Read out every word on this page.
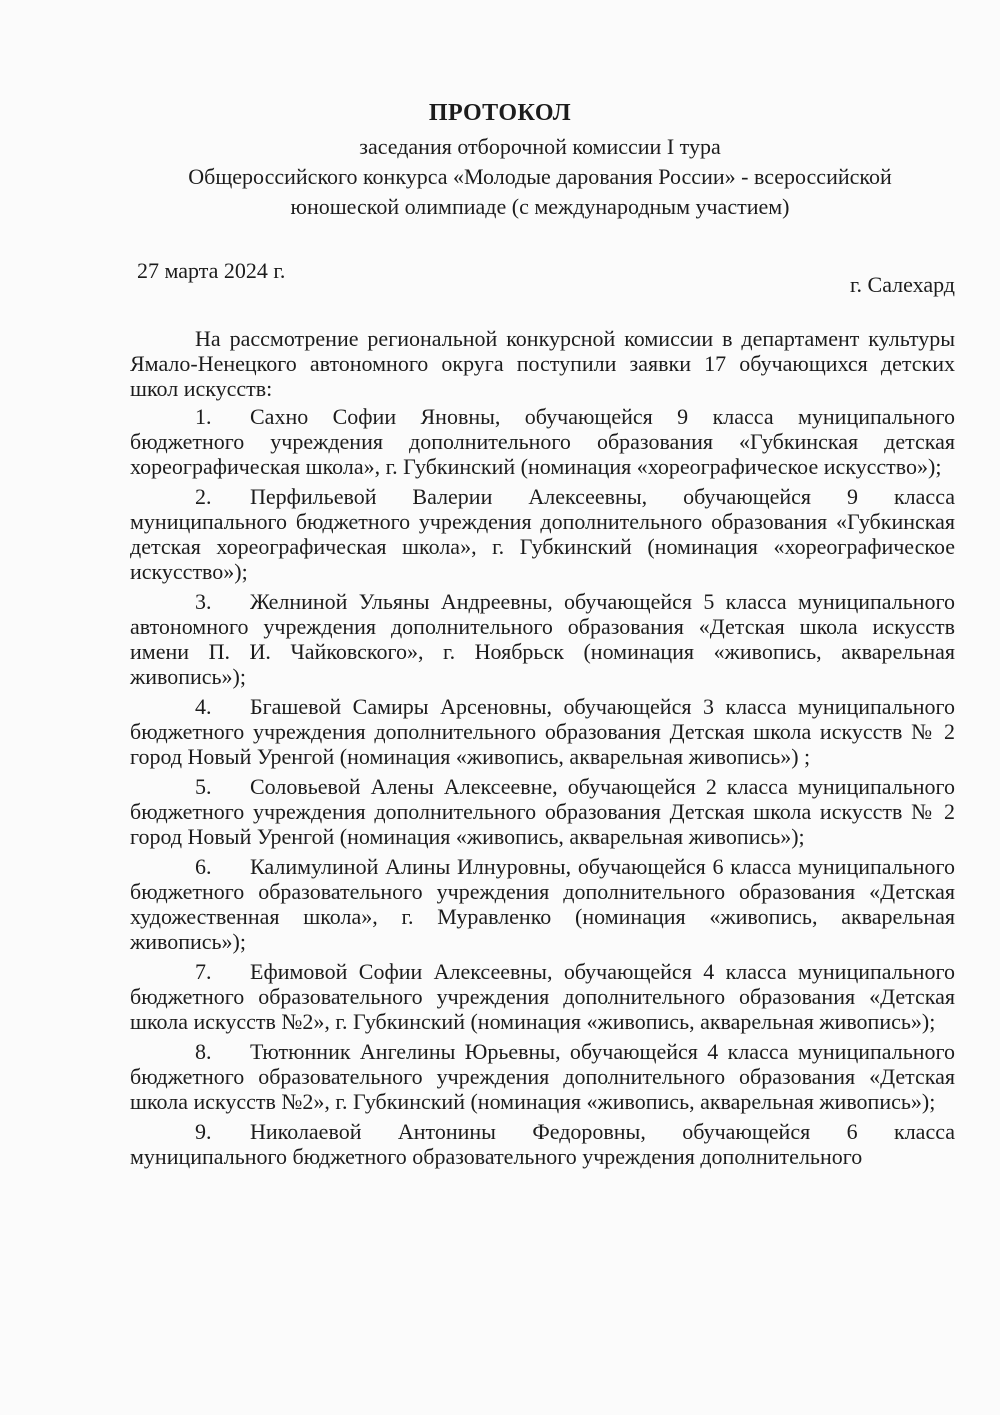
ПРОТОКОЛ
заседания отборочной комиссии I тура
Общероссийского конкурса «Молодые дарования России» - всероссийской
юношеской олимпиаде (с международным участием)
27 марта 2024 г.
г. Салехард

На рассмотрение региональной конкурсной комиссии в департамент культуры Ямало-Ненецкого автономного округа поступили заявки 17 обучающихся детских школ искусств:

1. Сахно Софии Яновны, обучающейся 9 класса муниципального бюджетного учреждения дополнительного образования «Губкинская детская хореографическая школа», г. Губкинский (номинация «хореографическое искусство»);

2. Перфильевой Валерии Алексеевны, обучающейся 9 класса муниципального бюджетного учреждения дополнительного образования «Губкинская детская хореографическая школа», г. Губкинский (номинация «хореографическое искусство»);

3. Желниной Ульяны Андреевны, обучающейся 5 класса муниципального автономного учреждения дополнительного образования «Детская школа искусств имени П. И. Чайковского», г. Ноябрьск (номинация «живопись, акварельная живопись»);

4. Бгашевой Самиры Арсеновны, обучающейся 3 класса муниципального бюджетного учреждения дополнительного образования Детская школа искусств № 2 город Новый Уренгой (номинация «живопись, акварельная живопись») ;

5. Соловьевой Алены Алексеевне, обучающейся 2 класса муниципального бюджетного учреждения дополнительного образования Детская школа искусств № 2 город Новый Уренгой (номинация «живопись, акварельная живопись»);

6. Калимулиной Алины Илнуровны, обучающейся 6 класса муниципального бюджетного образовательного учреждения дополнительного образования «Детская художественная школа», г. Муравленко (номинация «живопись, акварельная живопись»);

7. Ефимовой Софии Алексеевны, обучающейся 4 класса муниципального бюджетного образовательного учреждения дополнительного образования «Детская школа искусств №2», г. Губкинский (номинация «живопись, акварельная живопись»);

8. Тютюнник Ангелины Юрьевны, обучающейся 4 класса муниципального бюджетного образовательного учреждения дополнительного образования «Детская школа искусств №2», г. Губкинский (номинация «живопись, акварельная живопись»);

9. Николаевой Антонины Федоровны, обучающейся 6 класса муниципального бюджетного образовательного учреждения дополнительного
